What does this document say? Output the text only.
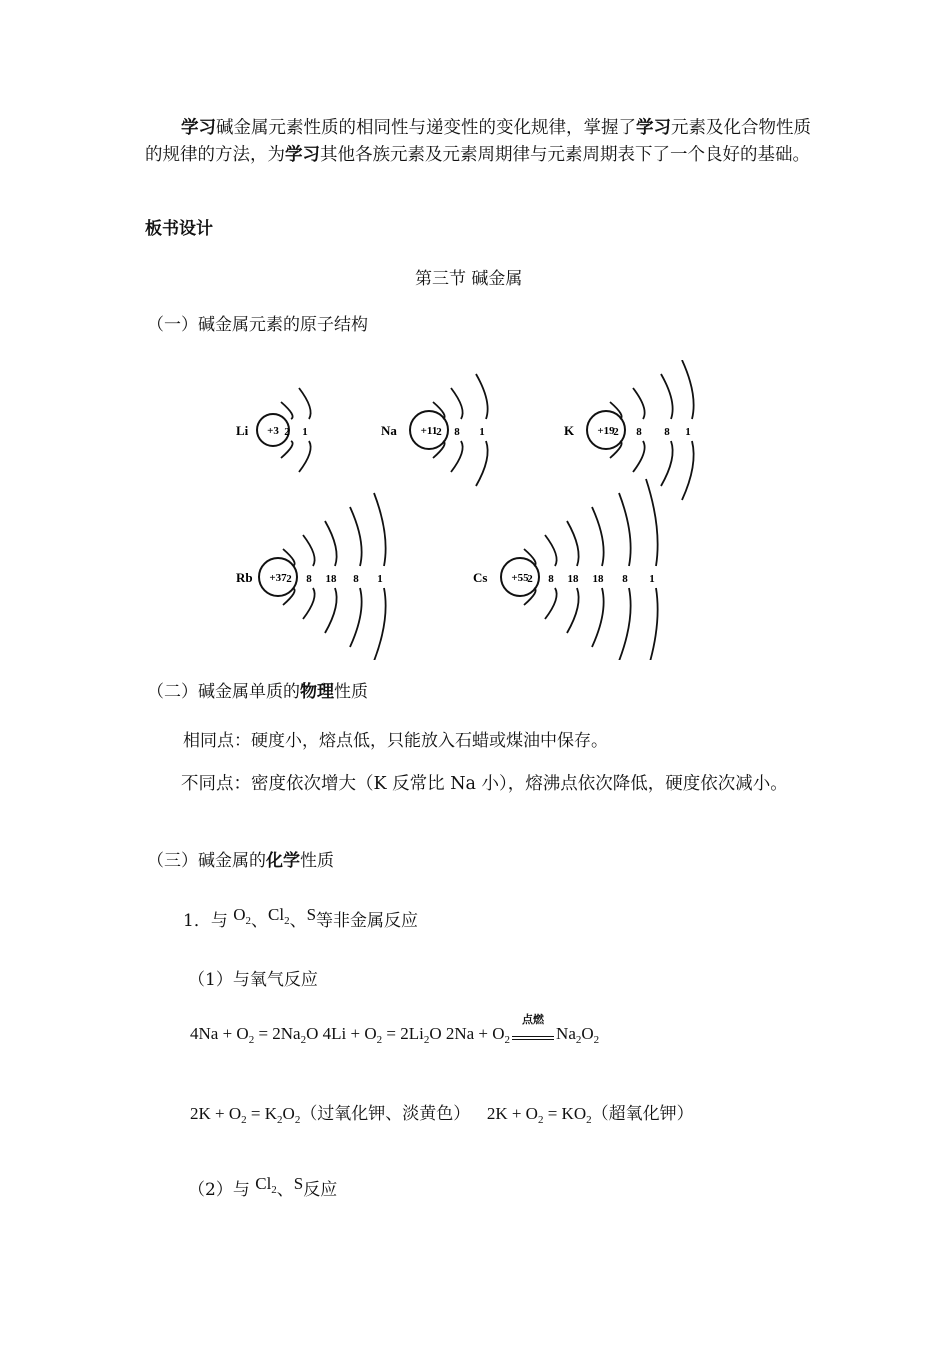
学习碱金属元素性质的相同性与递变性的变化规律，掌握了学习元素及化合物性质的规律的方法，为学习其他各族元素及元素周期律与元素周期表下了一个良好的基础。
板书设计
第三节 碱金属
（一）碱金属元素的原子结构
Li +3 2 1	Na +11
2 8 1	K +19
2 8 8 1
Rb +37 2 8 18 8 1	Cs +55
2 8 18 18 8 1
（二）碱金属单质的物理性质
相同点：硬度小，熔点低，只能放入石蜡或煤油中保存。
不同点：密度依次增大（K 反常比 Na 小），熔沸点依次降低，硬度依次减小。
（三）碱金属的化学性质
1．与 $O_2$、$Cl_2$、S等非金属反应
（1）与氧气反应
$4Na + O_2 = 2Na_2O$ $4Li + O_2 = 2Li_2O$ $2Na + O_2$
点燃
$Na_2O_2$
$2K + O_2 = K_2O_2$（过氧化钾、淡黄色） $2K + O_2 = KO_2$（超氧化钾）
（2）与 $Cl_2$、S反应
